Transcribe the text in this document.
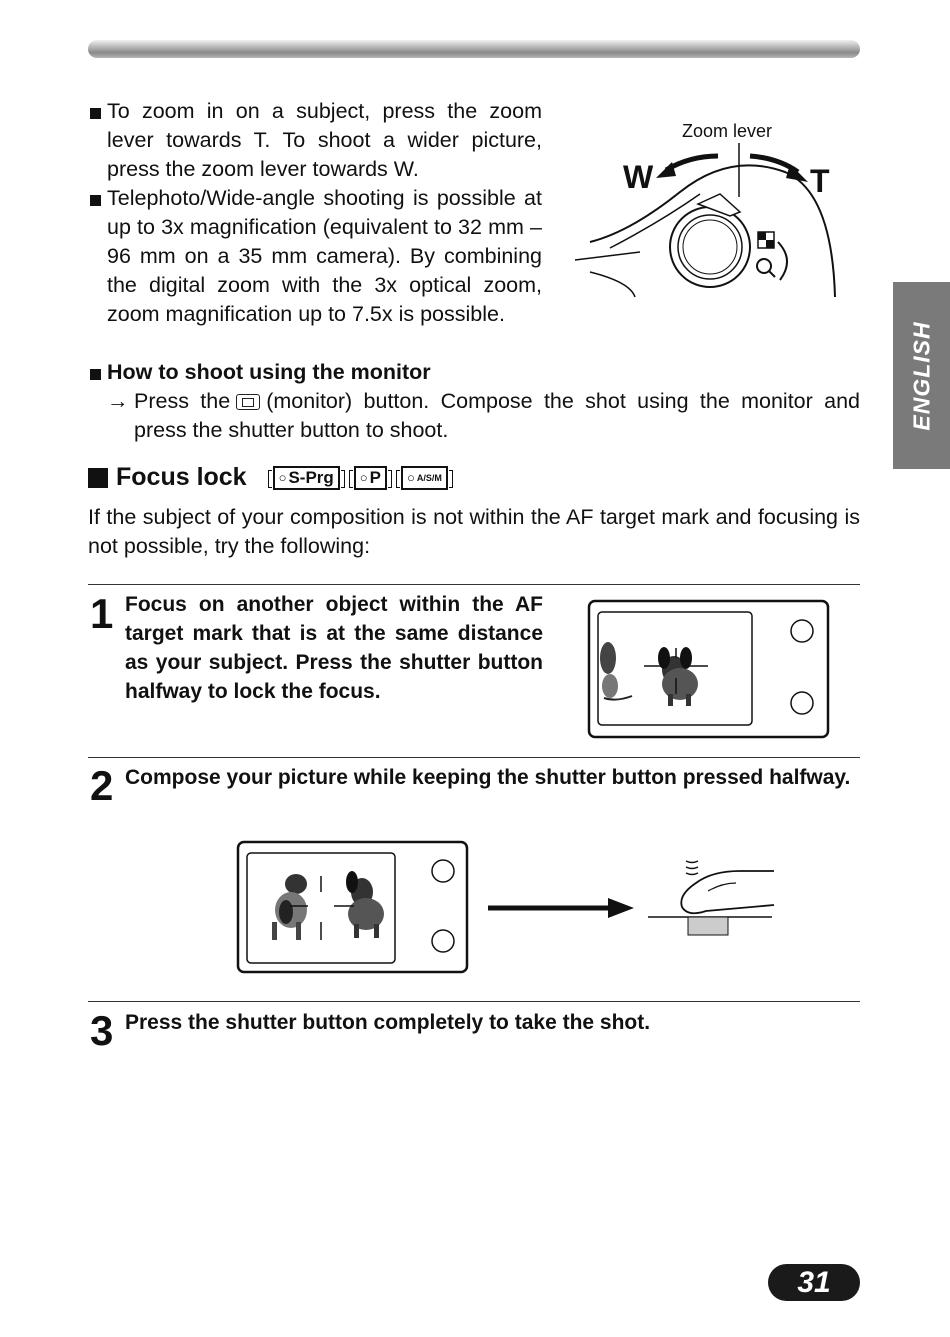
ENGLISH
To zoom in on a subject, press the zoom lever towards T. To shoot a wider picture, press the zoom lever towards W.
Telephoto/Wide-angle shooting is possible at up to 3x magnification (equivalent to 32 mm – 96 mm on a 35 mm camera). By combining the digital zoom with the 3x optical zoom, zoom magnification up to 7.5x is possible.
How to shoot using the monitor
→ Press the (monitor) button. Compose the shot using the monitor and press the shutter button to shoot.
Zoom lever
W	T
Focus lock ○ S-Prg ○ P ○ A/S/M
If the subject of your composition is not within the AF target mark and focusing is not possible, try the following:
1 Focus on another object within the AF target mark that is at the same distance as your subject. Press the shutter button halfway to lock the focus.
2 Compose your picture while keeping the shutter button pressed halfway.
3 Press the shutter button completely to take the shot.
31
